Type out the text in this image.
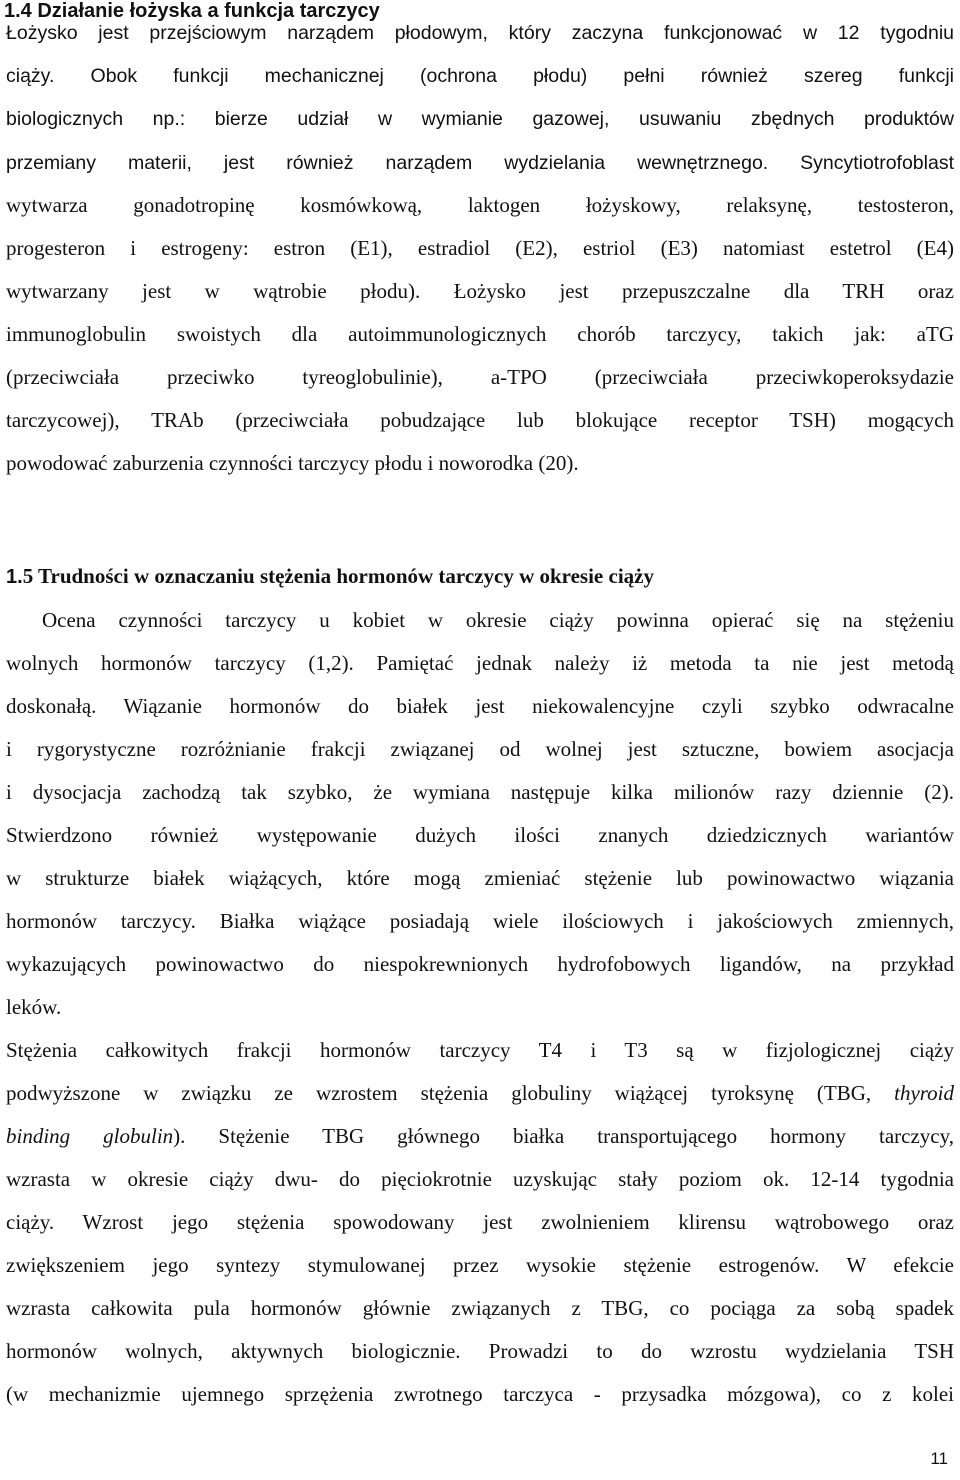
1.4 Działanie łożyska a funkcja tarczycy
Łożysko jest przejściowym narządem płodowym, który zaczyna funkcjonować w 12 tygodniu
ciąży. Obok funkcji mechanicznej (ochrona płodu) pełni również szereg funkcji
biologicznych np.: bierze udział w wymianie gazowej, usuwaniu zbędnych produktów
przemiany materii, jest również narządem wydzielania wewnętrznego. Syncytiotrofoblast
wytwarza gonadotropinę kosmówkową, laktogen łożyskowy, relaksynę, testosteron,
progesteron i estrogeny: estron (E1), estradiol (E2), estriol (E3) natomiast estetrol (E4)
wytwarzany jest w wątrobie płodu). Łożysko jest przepuszczalne dla TRH oraz
immunoglobulin swoistych dla autoimmunologicznych chorób tarczycy, takich jak: aTG
(przeciwciała przeciwko tyreoglobulinie), a-TPO (przeciwciała przeciwkoperoksydazie
tarczycowej), TRAb (przeciwciała pobudzające lub blokujące receptor TSH) mogących
powodować zaburzenia czynności tarczycy płodu i noworodka (20).
1.5 Trudności w oznaczaniu stężenia hormonów tarczycy w okresie ciąży
Ocena czynności tarczycy u kobiet w okresie ciąży powinna opierać się na stężeniu
wolnych hormonów tarczycy (1,2). Pamiętać jednak należy iż metoda ta nie jest metodą
doskonałą. Wiązanie hormonów do białek jest niekowalencyjne czyli szybko odwracalne
i rygorystyczne rozróżnianie frakcji związanej od wolnej jest sztuczne, bowiem asocjacja
i dysocjacja zachodzą tak szybko, że wymiana następuje kilka milionów razy dziennie (2).
Stwierdzono również występowanie dużych ilości znanych dziedzicznych wariantów
w strukturze białek wiążących, które mogą zmieniać stężenie lub powinowactwo wiązania
hormonów tarczycy. Białka wiążące posiadają wiele ilościowych i jakościowych zmiennych,
wykazujących powinowactwo do niespokrewnionych hydrofobowych ligandów, na przykład
leków.
Stężenia całkowitych frakcji hormonów tarczycy T4 i T3 są w fizjologicznej ciąży
podwyższone w związku ze wzrostem stężenia globuliny wiążącej tyroksynę (TBG, thyroid
binding globulin). Stężenie TBG głównego białka transportującego hormony tarczycy,
wzrasta w okresie ciąży dwu- do pięciokrotnie uzyskując stały poziom ok. 12-14 tygodnia
ciąży. Wzrost jego stężenia spowodowany jest zwolnieniem klirensu wątrobowego oraz
zwiększeniem jego syntezy stymulowanej przez wysokie stężenie estrogenów. W efekcie
wzrasta całkowita pula hormonów głównie związanych z TBG, co pociąga za sobą spadek
hormonów wolnych, aktywnych biologicznie. Prowadzi to do wzrostu wydzielania TSH
(w mechanizmie ujemnego sprzężenia zwrotnego tarczyca - przysadka mózgowa), co z kolei
11
